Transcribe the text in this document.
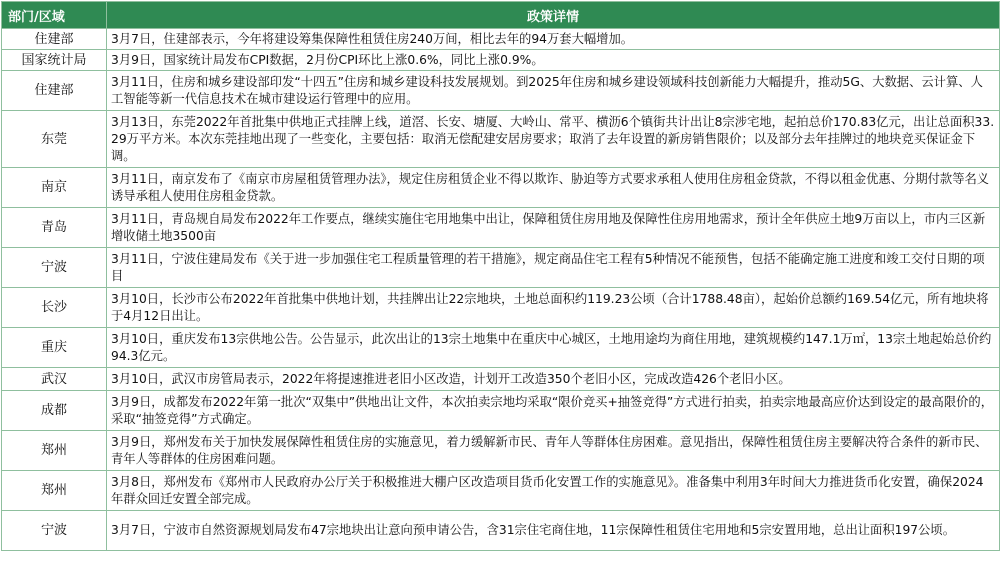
部门/区域	政策详情
住建部	3月7日，住建部表示，今年将建设筹集保障性租赁住房240万间，相比去年的94万套大幅增加。
国家统计局	3月9日，国家统计局发布CPI数据，2月份CPI环比上涨0.6%，同比上涨0.9%。
住建部	3月11日，住房和城乡建设部印发“十四五”住房和城乡建设科技发展规划。到2025年住房和城乡建设领域科技创新能力大幅提升，推动5G、大数据、云计算、人工智能等新一代信息技术在城市建设运行管理中的应用。
东莞	3月13日，东莞2022年首批集中供地正式挂牌上线，道滘、长安、塘厦、大岭山、常平、横沥6个镇街共计出让8宗涉宅地，起拍总价170.83亿元，出让总面积33.29万平方米。本次东莞挂地出现了一些变化，主要包括：取消无偿配建安居房要求；取消了去年设置的新房销售限价；以及部分去年挂牌过的地块竞买保证金下调。
南京	3月11日，南京发布了《南京市房屋租赁管理办法》，规定住房租赁企业不得以欺诈、胁迫等方式要求承租人使用住房租金贷款，不得以租金优惠、分期付款等名义诱导承租人使用住房租金贷款。
青岛	3月11日，青岛规自局发布2022年工作要点，继续实施住宅用地集中出让，保障租赁住房用地及保障性住房用地需求，预计全年供应土地9万亩以上，市内三区新增收储土地3500亩
宁波	3月11日，宁波住建局发布《关于进一步加强住宅工程质量管理的若干措施》，规定商品住宅工程有5种情况不能预售，包括不能确定施工进度和竣工交付日期的项目
长沙	3月10日，长沙市公布2022年首批集中供地计划，共挂牌出让22宗地块，土地总面积约119.23公顷（合计1788.48亩），起始价总额约169.54亿元，所有地块将于4月12日出让。
重庆	3月10日，重庆发布13宗供地公告。公告显示，此次出让的13宗土地集中在重庆中心城区，土地用途均为商住用地，建筑规模约147.1万㎡，13宗土地起始总价约94.3亿元。
武汉	3月10日，武汉市房管局表示，2022年将提速推进老旧小区改造，计划开工改造350个老旧小区，完成改造426个老旧小区。
成都	3月9日，成都发布2022年第一批次“双集中”供地出让文件，本次拍卖宗地均采取“限价竞买+抽签竞得”方式进行拍卖，拍卖宗地最高应价达到设定的最高限价的，采取“抽签竞得”方式确定。
郑州	3月9日，郑州发布关于加快发展保障性租赁住房的实施意见，着力缓解新市民、青年人等群体住房困难。意见指出，保障性租赁住房主要解决符合条件的新市民、青年人等群体的住房困难问题。
郑州	3月8日，郑州发布《郑州市人民政府办公厅关于积极推进大棚户区改造项目货币化安置工作的实施意见》。准备集中利用3年时间大力推进货币化安置，确保2024年群众回迁安置全部完成。
宁波	3月7日，宁波市自然资源规划局发布47宗地块出让意向预申请公告，含31宗住宅商住地，11宗保障性租赁住宅用地和5宗安置用地，总出让面积197公顷。
